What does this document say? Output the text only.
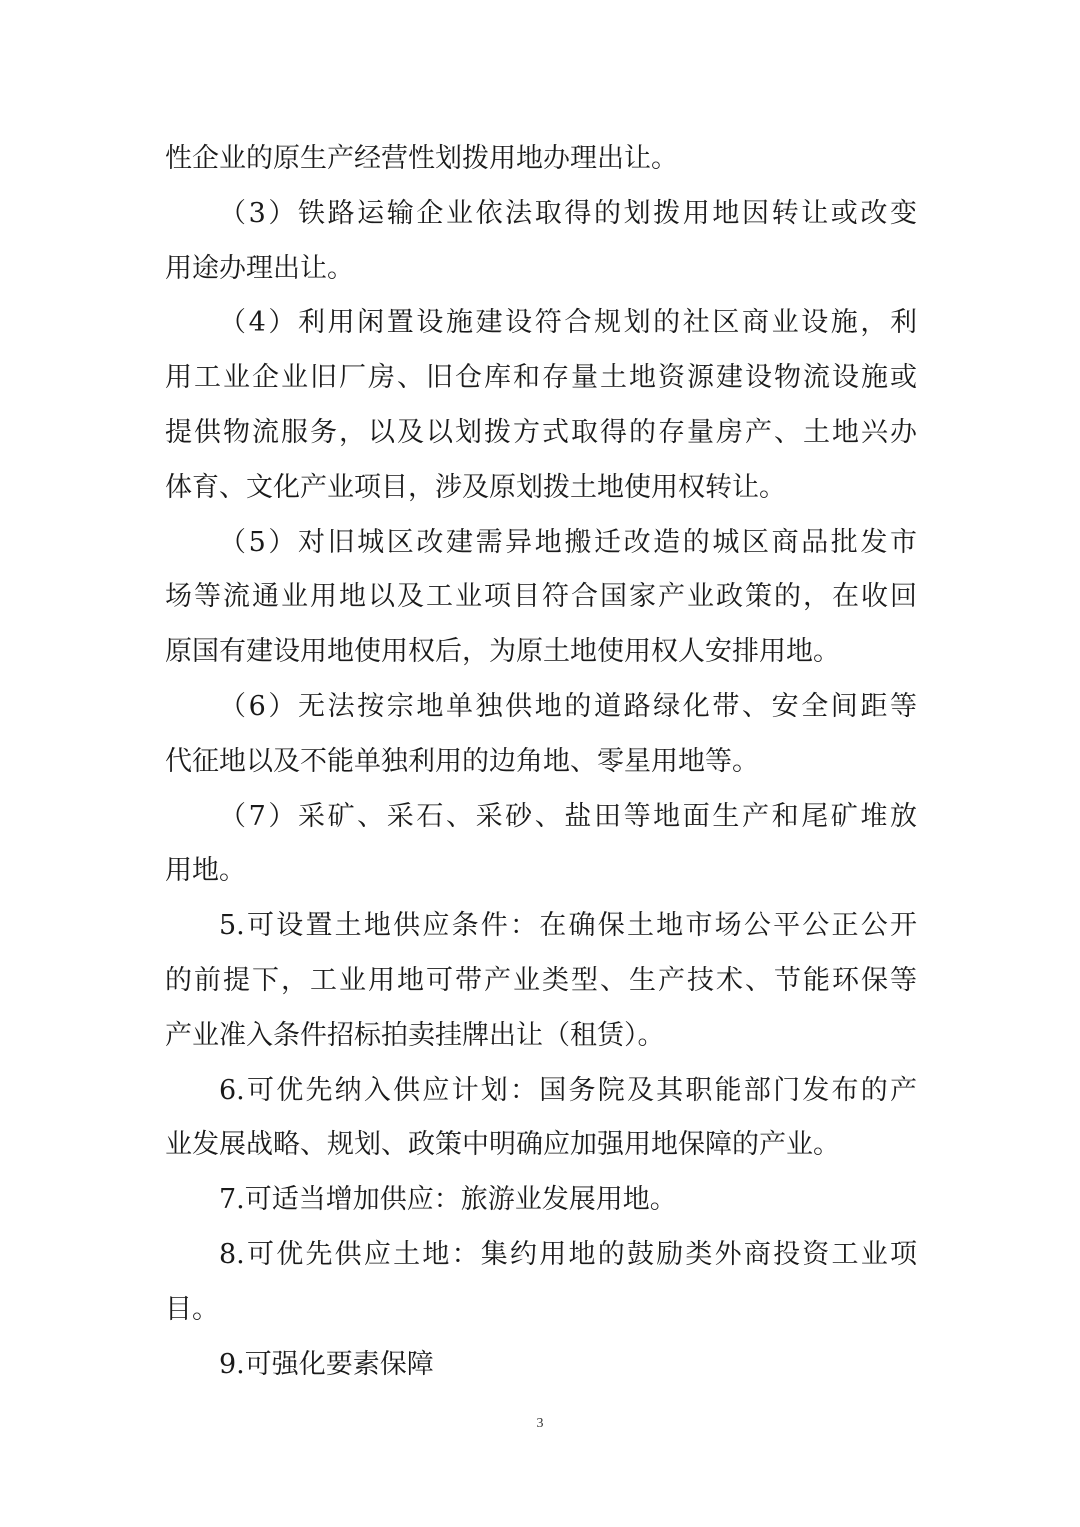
性企业的原生产经营性划拨用地办理出让。
（3）铁路运输企业依法取得的划拨用地因转让或改变
用途办理出让。
（4）利用闲置设施建设符合规划的社区商业设施，利
用工业企业旧厂房、旧仓库和存量土地资源建设物流设施或
提供物流服务，以及以划拨方式取得的存量房产、土地兴办
体育、文化产业项目，涉及原划拨土地使用权转让。
（5）对旧城区改建需异地搬迁改造的城区商品批发市
场等流通业用地以及工业项目符合国家产业政策的，在收回
原国有建设用地使用权后，为原土地使用权人安排用地。
（6）无法按宗地单独供地的道路绿化带、安全间距等
代征地以及不能单独利用的边角地、零星用地等。
（7）采矿、采石、采砂、盐田等地面生产和尾矿堆放
用地。
5.可设置土地供应条件：在确保土地市场公平公正公开
的前提下，工业用地可带产业类型、生产技术、节能环保等
产业准入条件招标拍卖挂牌出让（租赁）。
6.可优先纳入供应计划：国务院及其职能部门发布的产
业发展战略、规划、政策中明确应加强用地保障的产业。
7.可适当增加供应：旅游业发展用地。
8.可优先供应土地：集约用地的鼓励类外商投资工业项
目。
9.可强化要素保障
3
